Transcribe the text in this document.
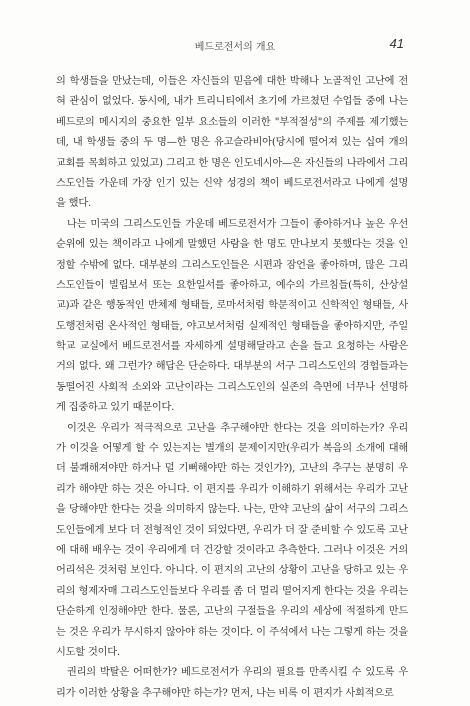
베드로전서의 개요	41
의 학생들을 만났는데, 이들은 자신들의 믿음에 대한 박해나 노골적인 고난에 전
혀 관심이 없었다. 동시에, 내가 트리니티에서 초기에 가르쳤던 수업들 중에 나는
베드로의 메시지의 중요한 일부 요소들의 이러한 "부적절성"의 주제를 제기했는
데, 내 학생들 중의 두 명—한 명은 유고슬라비아(당시에 떨어져 있는 십여 개의
교회를 목회하고 있었고) 그리고 한 명은 인도네시아—은 자신들의 나라에서 그리
스도인들 가운데 가장 인기 있는 신약 성경의 책이 베드로전서라고 나에게 설명
을 했다.
나는 미국의 그리스도인들 가운데 베드로전서가 그들이 좋아하거나 높은 우선
순위에 있는 책이라고 나에게 말했던 사람을 한 명도 만나보지 못했다는 것을 인
정할 수밖에 없다. 대부분의 그리스도인들은 시편과 잠언을 좋아하며, 많은 그리
스도인들이 빌립보서 또는 요한일서를 좋아하고, 예수의 가르침들(특히, 산상설
교)과 같은 행동적인 반체제 형태들, 로마서처럼 학문적이고 신학적인 형태들, 사
도행전처럼 온사적인 형태들, 야고보서처럼 실제적인 형태들을 좋아하지만, 주일
학교 교실에서 베드로전서를 자세하게 설명해달라고 손을 들고 요청하는 사람은
거의 없다. 왜 그런가? 해답은 단순하다. 대부분의 서구 그리스도인의 경험들과는
동떨어진 사회적 소외와 고난이라는 그리스도인의 실존의 측면에 너무나 선명하
게 집중하고 있기 때문이다.
이것은 우리가 적극적으로 고난을 추구해야만 한다는 것을 의미하는가? 우리
가 이것을 어떻게 할 수 있는지는 별개의 문제이지만(우리가 복음의 소개에 대해
더 불쾌해져야만 하거나 덜 기뻐해야만 하는 것인가?), 고난의 추구는 분명히 우
리가 해야만 하는 것은 아니다. 이 편지를 우리가 이해하기 위해서는 우리가 고난
을 당해야만 한다는 것을 의미하지 않는다. 나는, 만약 고난의 삶이 서구의 그리스
도인들에게 보다 더 전형적인 것이 되었다면, 우리가 더 잘 준비할 수 있도록 고난
에 대해 배우는 것이 우리에게 더 건강할 것이라고 추측한다. 그러나 이것은 거의
어리석은 것처럼 보인다. 아니다. 이 편지의 고난의 상황이 고난을 당하고 있는 우
리의 형제자매 그리스도인들보다 우리를 좀 더 멀리 떨어지게 한다는 것을 우리는
단순하게 인정해야만 한다. 물론, 고난의 구절들을 우리의 세상에 적절하게 만드
는 것은 우리가 무시하지 않아야 하는 것이다. 이 주석에서 나는 그렇게 하는 것을
시도할 것이다.
권리의 박탈은 어떠한가? 베드로전서가 우리의 필요를 만족시킬 수 있도록 우
리가 이러한 상황을 추구해야만 하는가? 먼저, 나는 비록 이 편지가 사회적으로
